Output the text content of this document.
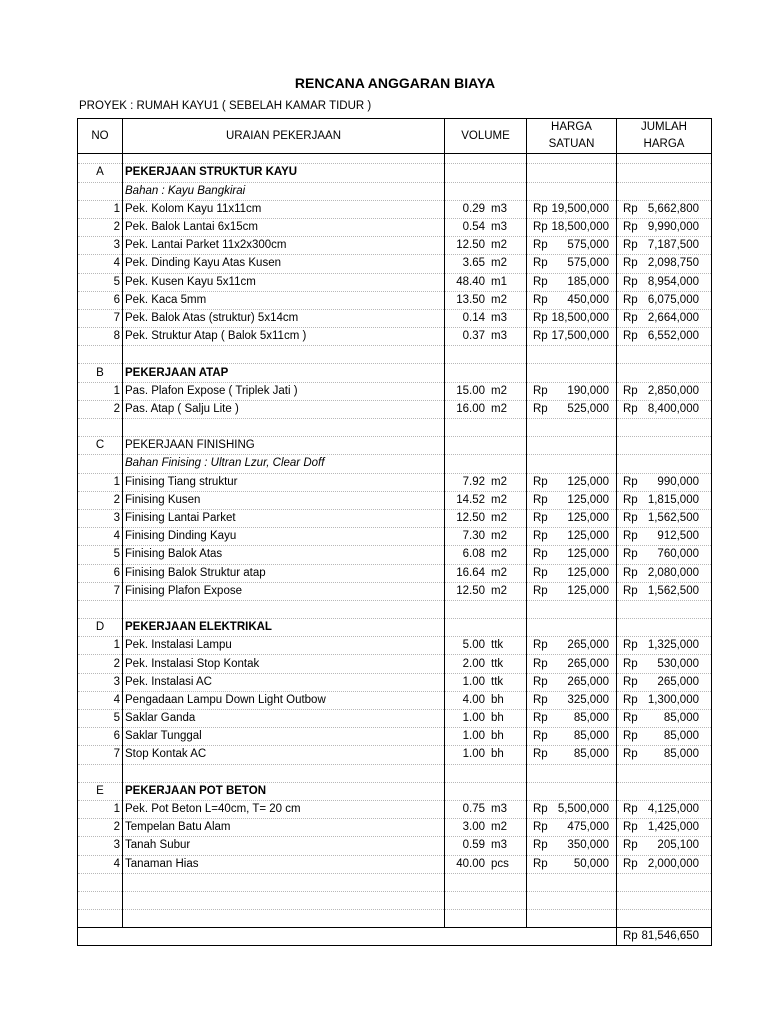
RENCANA ANGGARAN BIAYA
PROYEK : RUMAH KAYU1 ( SEBELAH KAMAR TIDUR )
NO	URAIAN PEKERJAAN	VOLUME	HARGA	JUMLAH
			SATUAN	HARGA

A	PEKERJAAN STRUKTUR KAYU			
	Bahan : Kayu Bangkirai			
1	Pek. Kolom Kayu 11x11cm	0.29 m3	Rp 19,500,000	Rp 5,662,800
2	Pek. Balok Lantai 6x15cm	0.54 m3	Rp 18,500,000	Rp 9,990,000
3	Pek. Lantai Parket 11x2x300cm	12.50 m2	Rp 575,000	Rp 7,187,500
4	Pek. Dinding Kayu Atas Kusen	3.65 m2	Rp 575,000	Rp 2,098,750
5	Pek. Kusen Kayu 5x11cm	48.40 m1	Rp 185,000	Rp 8,954,000
6	Pek. Kaca 5mm	13.50 m2	Rp 450,000	Rp 6,075,000
7	Pek. Balok Atas (struktur) 5x14cm	0.14 m3	Rp 18,500,000	Rp 2,664,000
8	Pek. Struktur Atap ( Balok 5x11cm )	0.37 m3	Rp 17,500,000	Rp 6,552,000

B	PEKERJAAN ATAP			
1	Pas. Plafon Expose ( Triplek Jati )	15.00 m2	Rp 190,000	Rp 2,850,000
2	Pas. Atap ( Salju Lite )	16.00 m2	Rp 525,000	Rp 8,400,000

C	PEKERJAAN FINISHING			
	Bahan Finising : Ultran Lzur, Clear Doff			
1	Finising Tiang struktur	7.92 m2	Rp 125,000	Rp 990,000
2	Finising Kusen	14.52 m2	Rp 125,000	Rp 1,815,000
3	Finising Lantai Parket	12.50 m2	Rp 125,000	Rp 1,562,500
4	Finising Dinding Kayu	7.30 m2	Rp 125,000	Rp 912,500
5	Finising Balok Atas	6.08 m2	Rp 125,000	Rp 760,000
6	Finising Balok Struktur atap	16.64 m2	Rp 125,000	Rp 2,080,000
7	Finising Plafon Expose	12.50 m2	Rp 125,000	Rp 1,562,500

D	PEKERJAAN ELEKTRIKAL			
1	Pek. Instalasi Lampu	5.00 ttk	Rp 265,000	Rp 1,325,000
2	Pek. Instalasi Stop Kontak	2.00 ttk	Rp 265,000	Rp 530,000
3	Pek. Instalasi AC	1.00 ttk	Rp 265,000	Rp 265,000
4	Pengadaan Lampu Down Light Outbow	4.00 bh	Rp 325,000	Rp 1,300,000
5	Saklar Ganda	1.00 bh	Rp 85,000	Rp 85,000
6	Saklar Tunggal	1.00 bh	Rp 85,000	Rp 85,000
7	Stop Kontak AC	1.00 bh	Rp 85,000	Rp 85,000

E	PEKERJAAN POT BETON			
1	Pek. Pot Beton L=40cm, T= 20 cm	0.75 m3	Rp 5,500,000	Rp 4,125,000
2	Tempelan Batu Alam	3.00 m2	Rp 475,000	Rp 1,425,000
3	Tanah Subur	0.59 m3	Rp 350,000	Rp 205,100
4	Tanaman Hias	40.00 pcs	Rp 50,000	Rp 2,000,000

				Rp 81,546,650
